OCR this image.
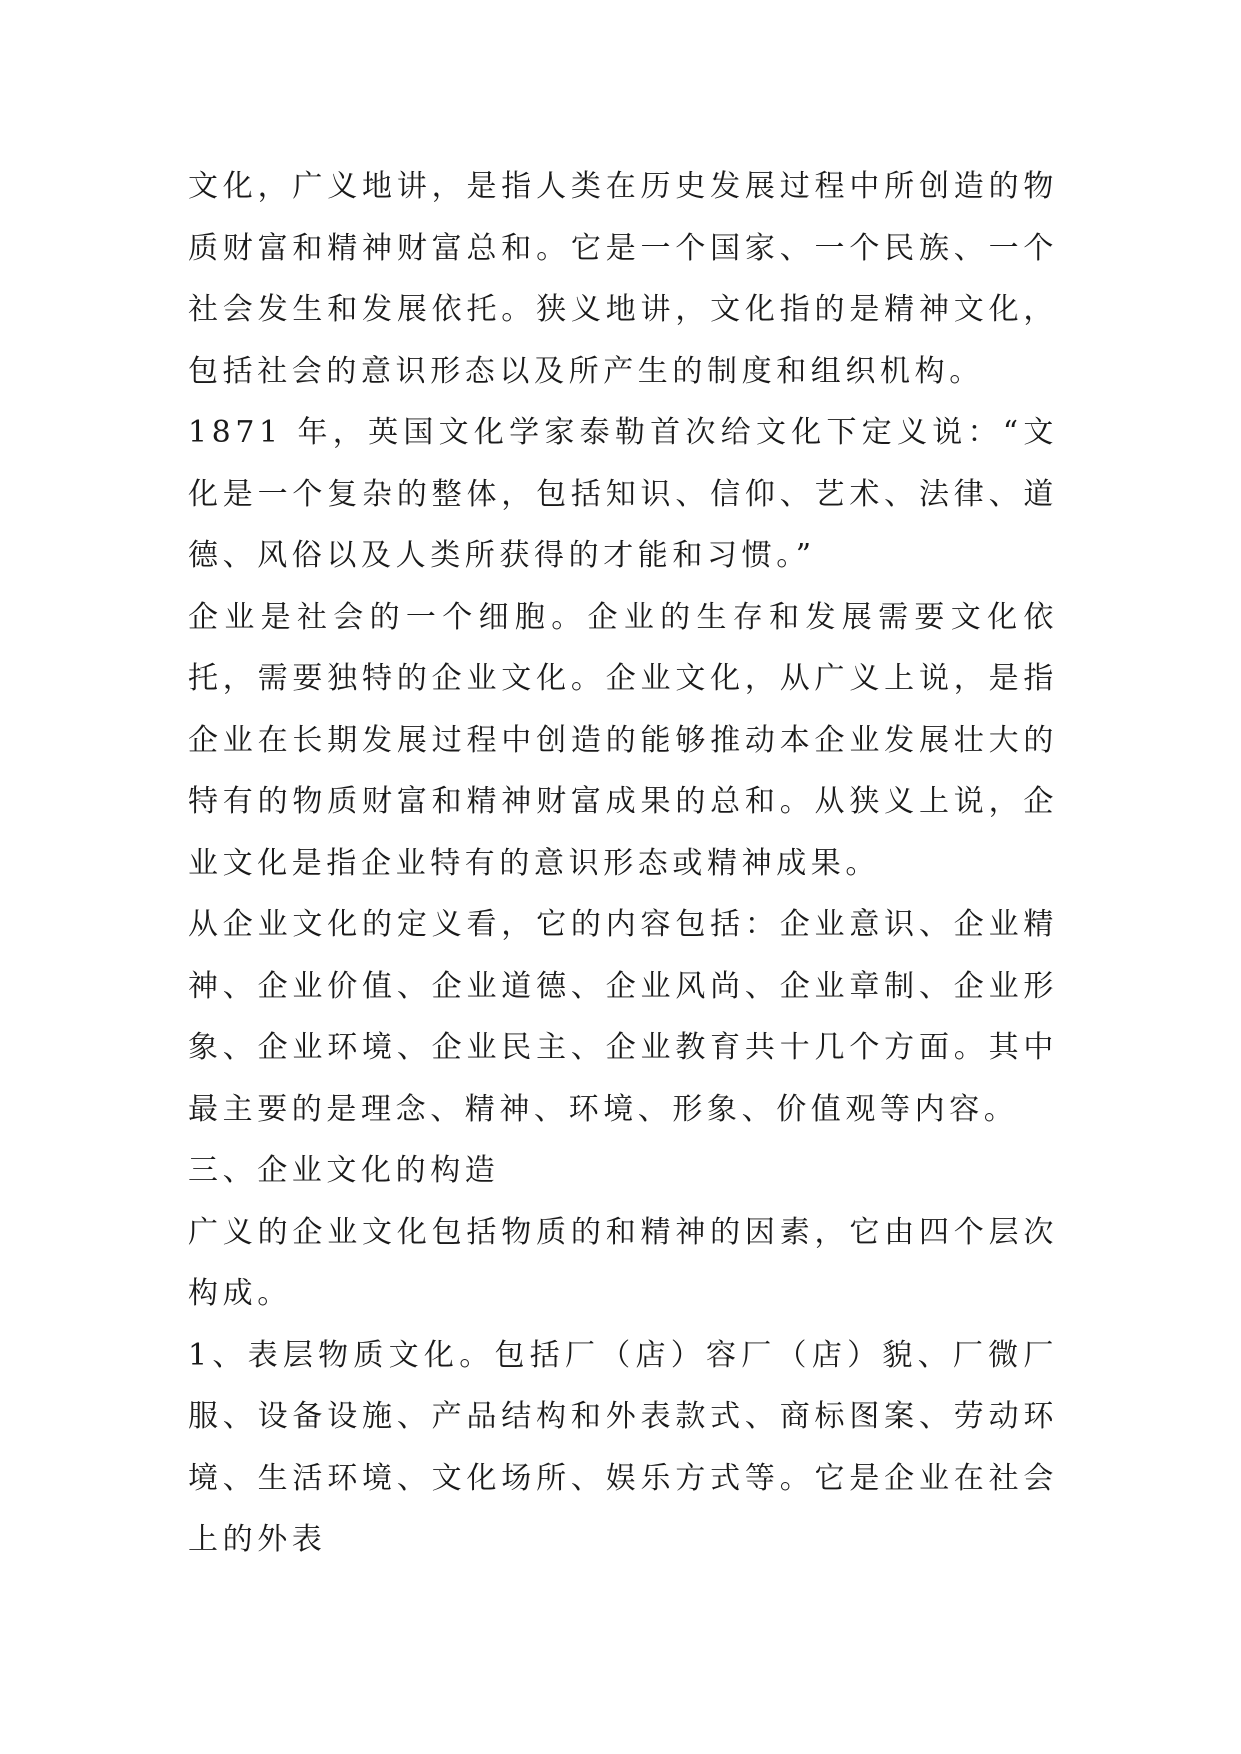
文化，广义地讲，是指人类在历史发展过程中所创造的物质财富和精神财富总和。它是一个国家、一个民族、一个社会发生和发展依托。狭义地讲，文化指的是精神文化，包括社会的意识形态以及所产生的制度和组织机构。

1871 年，英国文化学家泰勒首次给文化下定义说：“文化是一个复杂的整体，包括知识、信仰、艺术、法律、道德、风俗以及人类所获得的才能和习惯。”

企业是社会的一个细胞。企业的生存和发展需要文化依托，需要独特的企业文化。企业文化，从广义上说，是指企业在长期发展过程中创造的能够推动本企业发展壮大的特有的物质财富和精神财富成果的总和。从狭义上说，企业文化是指企业特有的意识形态或精神成果。

从企业文化的定义看，它的内容包括：企业意识、企业精神、企业价值、企业道德、企业风尚、企业章制、企业形象、企业环境、企业民主、企业教育共十几个方面。其中最主要的是理念、精神、环境、形象、价值观等内容。

三、企业文化的构造

广义的企业文化包括物质的和精神的因素，它由四个层次构成。

1、表层物质文化。包括厂（店）容厂（店）貌、厂微厂服、设备设施、产品结构和外表款式、商标图案、劳动环境、生活环境、文化场所、娱乐方式等。它是企业在社会上的外表
